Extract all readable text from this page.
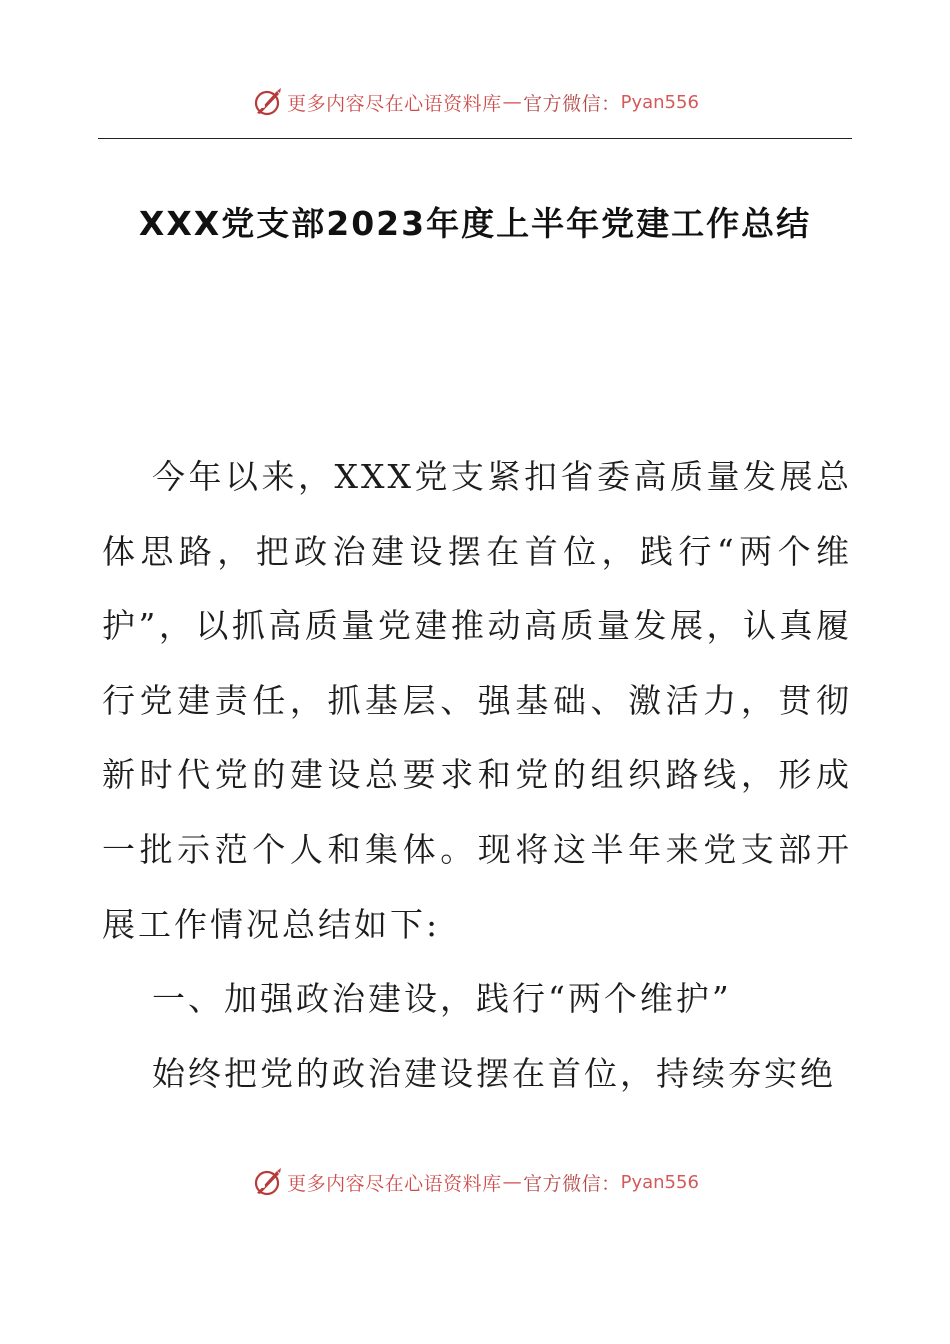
更多内容尽在心语资料库 — 官方微信： Pyan556
XXX党支部2023年度上半年党建工作总结

今年以来，XXX党支紧扣省委高质量发展总体思路，把政治建设摆在首位，践行“两个维护”，以抓高质量党建推动高质量发展，认真履行党建责任，抓基层、强基础、激活力，贯彻新时代党的建设总要求和党的组织路线，形成一批示范个人和集体。现将这半年来党支部开展工作情况总结如下:

一、加强政治建设，践行“两个维护”

始终把党的政治建设摆在首位，持续夯实绝

更多内容尽在心语资料库 — 官方微信： Pyan556
